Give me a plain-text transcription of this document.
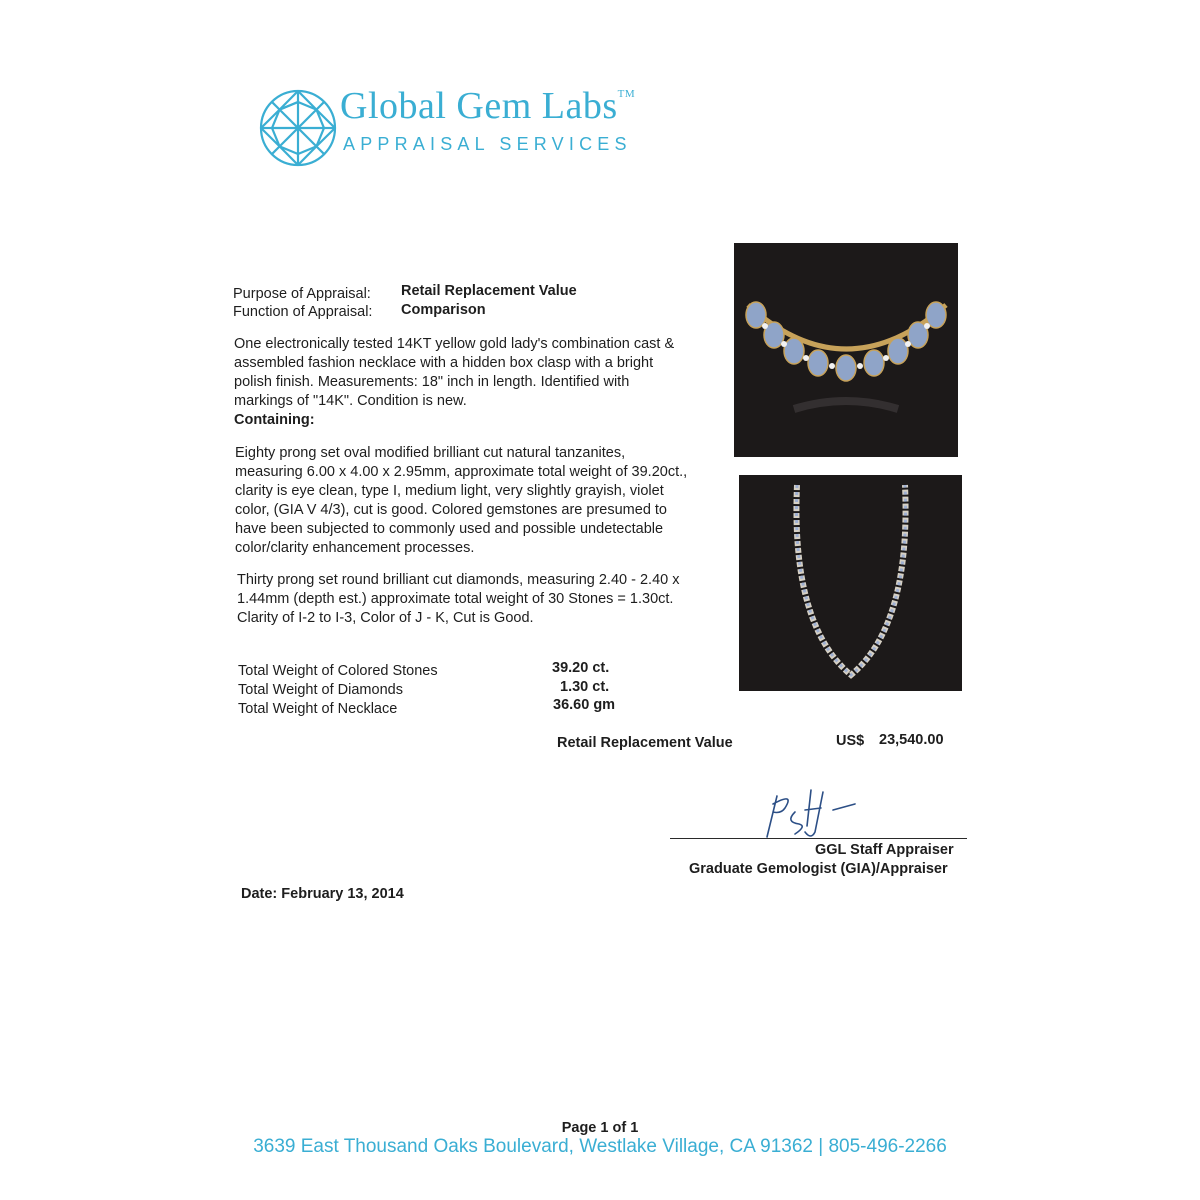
Global Gem Labs™
APPRAISAL SERVICES
Purpose of Appraisal: Retail Replacement Value
Function of Appraisal: Comparison
One electronically tested 14KT yellow gold lady's combination cast &
assembled fashion necklace with a hidden box clasp with a bright
polish finish. Measurements: 18" inch in length. Identified with
markings of "14K". Condition is new.
Containing:
Eighty prong set oval modified brilliant cut natural tanzanites,
measuring 6.00 x 4.00 x 2.95mm, approximate total weight of 39.20ct.,
clarity is eye clean, type I, medium light, very slightly grayish, violet
color, (GIA V 4/3), cut is good. Colored gemstones are presumed to
have been subjected to commonly used and possible undetectable
color/clarity enhancement processes.
Thirty prong set round brilliant cut diamonds, measuring 2.40 - 2.40 x
1.44mm (depth est.) approximate total weight of 30 Stones = 1.30ct.
Clarity of I-2 to I-3, Color of J - K, Cut is Good.
Total Weight of Colored Stones	39.20 ct.
Total Weight of Diamonds	1.30 ct.
Total Weight of Necklace	36.60 gm
Retail Replacement Value	US$ 23,540.00
GGL Staff Appraiser
Graduate Gemologist (GIA)/Appraiser
Date: February 13, 2014
Page 1 of 1
3639 East Thousand Oaks Boulevard, Westlake Village, CA 91362 | 805-496-2266
